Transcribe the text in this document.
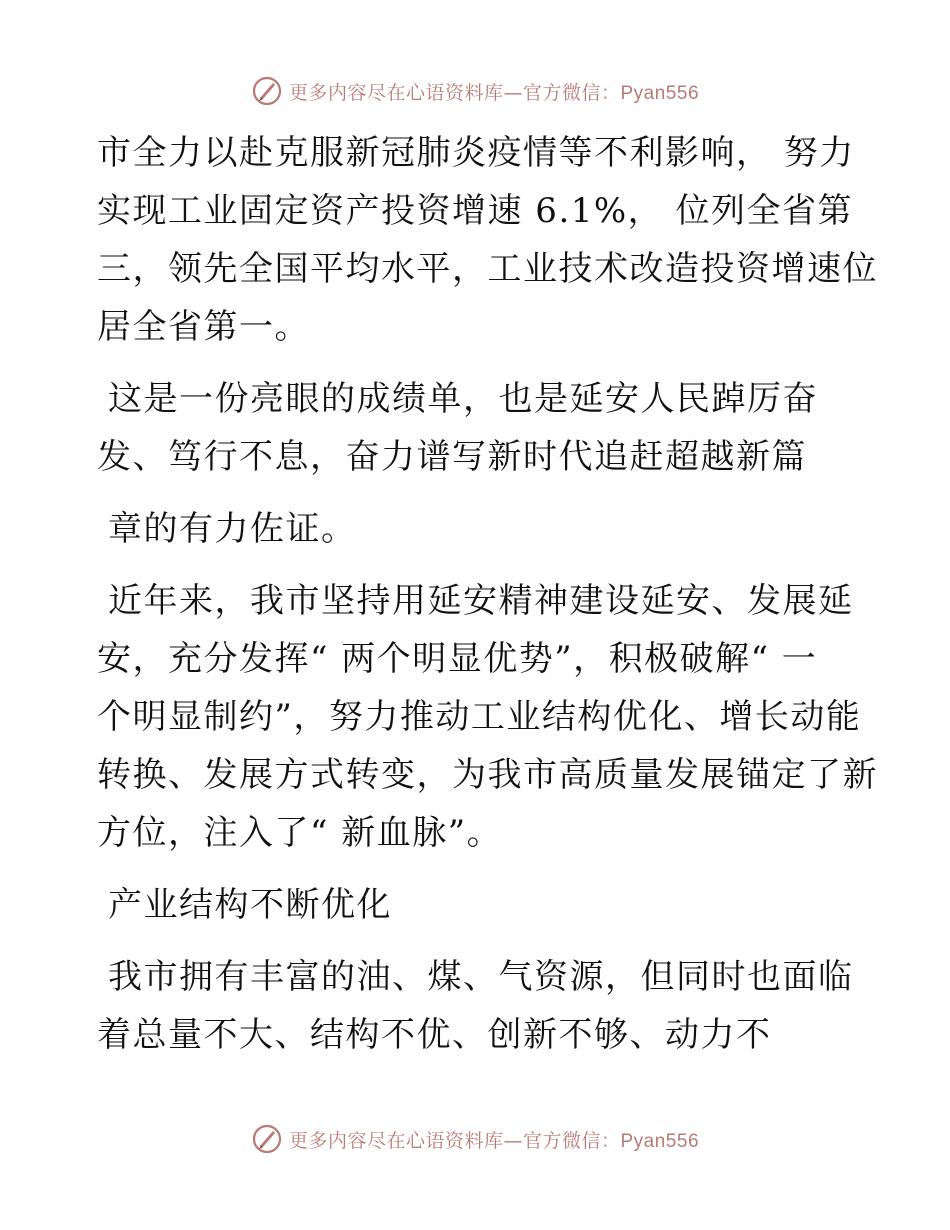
更多内容尽在心语资料库—官方微信：Pyan556
市全力以赴克服新冠肺炎疫情等不利影响， 努力
实现工业固定资产投资增速 6.1%， 位列全省第
三，领先全国平均水平，工业技术改造投资增速位
居全省第一。
这是一份亮眼的成绩单，也是延安人民踔厉奋
发、笃行不息，奋力谱写新时代追赶超越新篇
章的有力佐证。
近年来，我市坚持用延安精神建设延安、发展延
安，充分发挥“ 两个明显优势”，积极破解“ 一
个明显制约”，努力推动工业结构优化、增长动能
转换、发展方式转变，为我市高质量发展锚定了新
方位，注入了“ 新血脉”。
产业结构不断优化
我市拥有丰富的油、煤、气资源，但同时也面临
着总量不大、结构不优、创新不够、动力不
更多内容尽在心语资料库—官方微信：Pyan556
